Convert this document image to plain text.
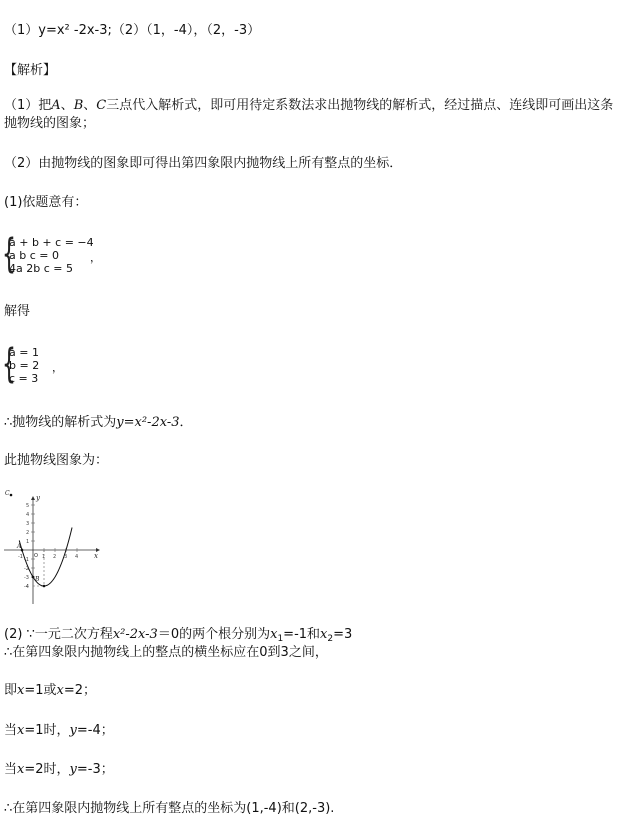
（1）y=x² -2x-3;（2）（1，-4），（2，-3）
【解析】
（1）把A、B、C三点代入解析式，即可用待定系数法求出抛物线的解析式，经过描点、连线即可画出这条抛物线的图象；
（2）由抛物线的图象即可得出第四象限内抛物线上所有整点的坐标．
(1)依题意有：
{
a + b + c = −4
a b c = 0
4a 2b c = 5
，
解得
{
a = 1
b = 2
c = 3
，
∴抛物线的解析式为y=x²-2x-3．
此抛物线图象为：
-1	1 2 3 4
5
4
3
2
1
-1
-2
-3
x
y
O
-4
A
B
C
(2) ∵一元二次方程x²-2x-3＝0的两个根分别为$x_1=-1$和$x_2=3$
∴在第四象限内抛物线上的整点的横坐标应在0到3之间，
即x=1或x=2；
当x=1时，y=-4；
当x=2时，y=-3；
∴在第四象限内抛物线上所有整点的坐标为(1,-4)和(2,-3).
